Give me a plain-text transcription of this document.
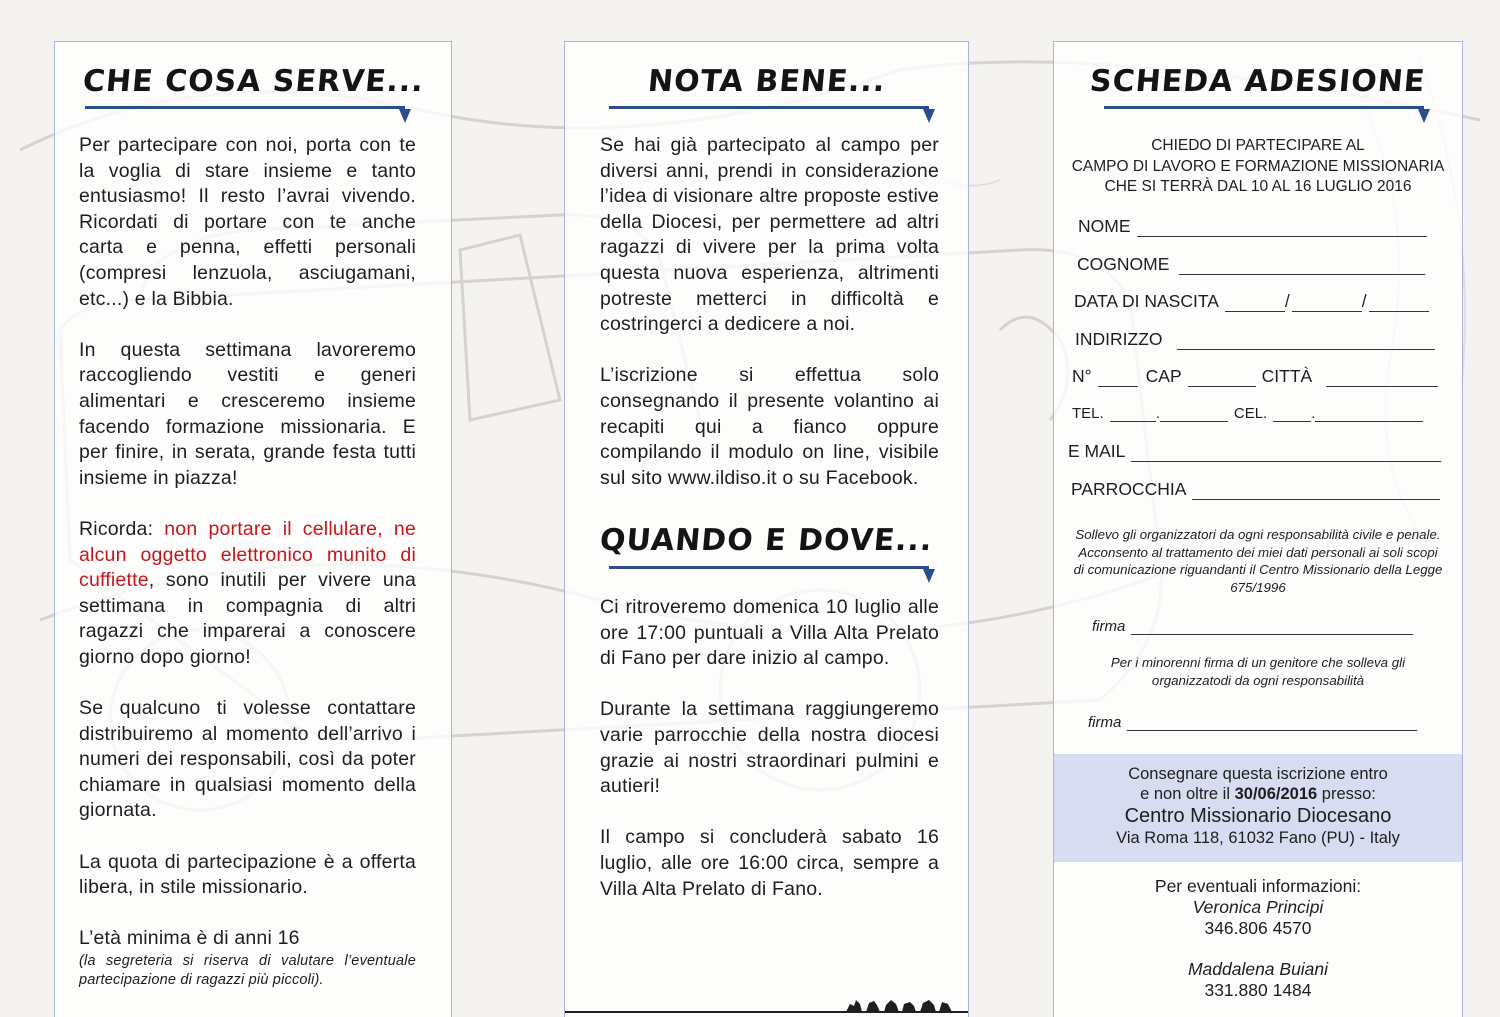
CHE COSA SERVE...

Per partecipare con noi, porta con te la voglia di stare insieme e tanto entusiasmo! Il resto l’avrai vivendo. Ricordati di portare con te anche carta e penna, effetti personali (compresi lenzuola, asciugamani, etc...) e la Bibbia.

In questa settimana lavoreremo raccogliendo vestiti e generi alimentari e cresceremo insieme facendo formazione missionaria. E per finire, in serata, grande festa tutti insieme in piazza!

Ricorda: non portare il cellulare, ne alcun oggetto elettronico munito di cuffiette, sono inutili per vivere una settimana in compagnia di altri ragazzi che imparerai a conoscere giorno dopo giorno!

Se qualcuno ti volesse contattare distribuiremo al momento dell’arrivo i numeri dei responsabili, così da poter chiamare in qualsiasi momento della giornata.

La quota di partecipazione è a offerta libera, in stile missionario.

L’età minima è di anni 16
(la segreteria si riserva di valutare l’eventuale partecipazione di ragazzi più piccoli).

NOTA BENE...

Se hai già partecipato al campo per diversi anni, prendi in considerazione l’idea di visionare altre proposte estive della Diocesi, per permettere ad altri ragazzi di vivere per la prima volta questa nuova esperienza, altrimenti potreste metterci in difficoltà e costringerci a dedicere a noi.

L’iscrizione si effettua solo consegnando il presente volantino ai recapiti qui a fianco oppure compilando il modulo on line, visibile sul sito www.ildiso.it o su Facebook.

QUANDO E DOVE...

Ci ritroveremo domenica 10 luglio alle ore 17:00 puntuali a Villa Alta Prelato di Fano per dare inizio al campo.

Durante la settimana raggiungeremo varie parrocchie della nostra diocesi grazie ai nostri straordinari pulmini e autieri!

Il campo si concluderà sabato 16 luglio, alle ore 16:00 circa, sempre a Villa Alta Prelato di Fano.

SCHEDA ADESIONE
CHIEDO DI PARTECIPARE AL
CAMPO DI LAVORO E FORMAZIONE MISSIONARIA
CHE SI TERRÀ DAL 10 AL 16 LUGLIO 2016
NOME
COGNOME
DATA DI NASCITA	/	/
INDIRIZZO
N°	CAP	CITTÀ
TEL.	.	CEL.	.
E MAIL
PARROCCHIA
Sollevo gli organizzatori da ogni responsabilità civile e penale. Acconsento al trattamento dei miei dati personali ai soli scopi di comunicazione riguandanti il Centro Missionario della Legge 675/1996
firma
Per i minorenni firma di un genitore che solleva gli organizzatodi da ogni responsabilità
firma
Consegnare questa iscrizione entro
e non oltre il 30/06/2016 presso:
Centro Missionario Diocesano
Via Roma 118, 61032 Fano (PU) - Italy
Per eventuali informazioni:
Veronica Principi
346.806 4570
Maddalena Buiani
331.880 1484
